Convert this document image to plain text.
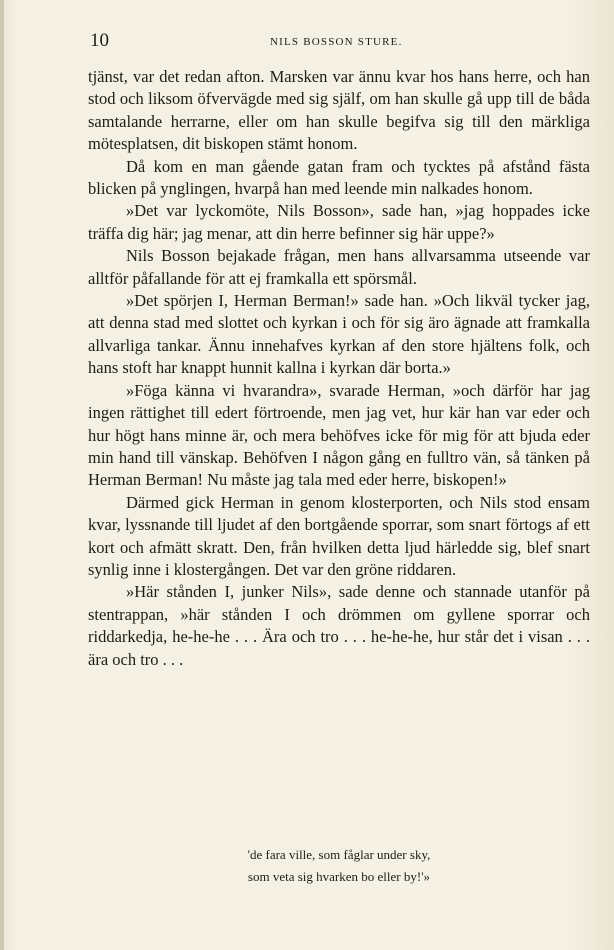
10	NILS BOSSON STURE.

tjänst, var det redan afton. Marsken var ännu kvar hos hans herre, och han stod och liksom öfvervägde med sig själf, om han skulle gå upp till de båda samtalande herrarne, eller om han skulle begifva sig till den märkliga mötesplatsen, dit biskopen stämt honom.

Då kom en man gående gatan fram och tycktes på afstånd fästa blicken på ynglingen, hvarpå han med leende min nalkades honom.

»Det var lyckomöte, Nils Bosson», sade han, »jag hoppades icke träffa dig här; jag menar, att din herre befinner sig här uppe?»

Nils Bosson bejakade frågan, men hans allvarsamma utseende var alltför påfallande för att ej framkalla ett spörsmål.

»Det spörjen I, Herman Berman!» sade han. »Och likväl tycker jag, att denna stad med slottet och kyrkan i och för sig äro ägnade att framkalla allvarliga tankar. Ännu innehafves kyrkan af den store hjältens folk, och hans stoft har knappt hunnit kallna i kyrkan där borta.»

»Föga känna vi hvarandra», svarade Herman, »och därför har jag ingen rättighet till edert förtroende, men jag vet, hur kär han var eder och hur högt hans minne är, och mera behöfves icke för mig för att bjuda eder min hand till vänskap. Behöfven I någon gång en fulltro vän, så tänken på Herman Berman! Nu måste jag tala med eder herre, biskopen!»

Därmed gick Herman in genom klosterporten, och Nils stod ensam kvar, lyssnande till ljudet af den bortgående sporrar, som snart förtogs af ett kort och afmätt skratt. Den, från hvilken detta ljud härledde sig, blef snart synlig inne i klostergången. Det var den gröne riddaren.

»Här stånden I, junker Nils», sade denne och stannade utanför på stentrappan, »här stånden I och drömmen om gyllene sporrar och riddarkedja, he-he-he . . . Ära och tro . . . he-he-he, hur står det i visan . . . ära och tro . . .

'de fara ville, som fåglar under sky,
som veta sig hvarken bo eller by!'»
